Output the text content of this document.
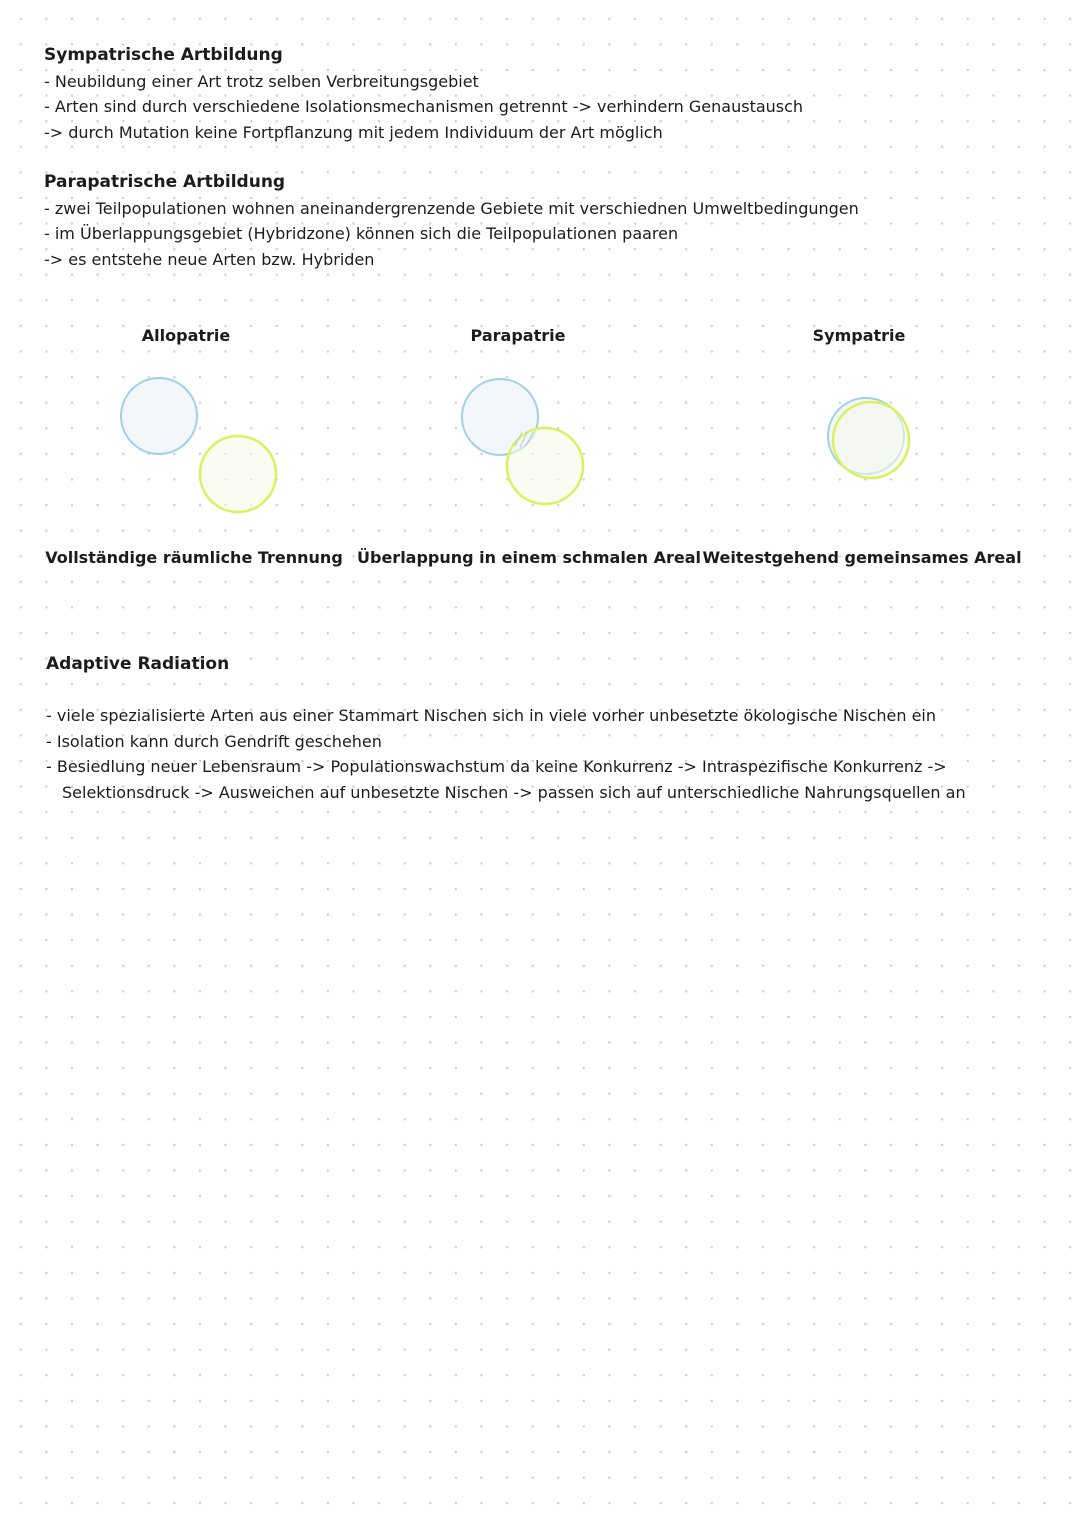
Sympatrische Artbildung

- Neubildung einer Art trotz selben Verbreitungsgebiet

- Arten sind durch verschiedene Isolationsmechanismen getrennt -> verhindern Genaustausch

-> durch Mutation keine Fortpflanzung mit jedem Individuum der Art möglich

Parapatrische Artbildung

- zwei Teilpopulationen wohnen aneinandergrenzende Gebiete mit verschiednen Umweltbedingungen

- im Überlappungsgebiet (Hybridzone) können sich die Teilpopulationen paaren

-> es entstehe neue Arten bzw. Hybriden

Allopatrie	Parapatrie	Sympatrie
Vollständige räumliche Trennung Überlappung in einem schmalen Areal Weitestgehend gemeinsames Areal

Adaptive Radiation

- viele spezialisierte Arten aus einer Stammart Nischen sich in viele vorher unbesetzte ökologische Nischen ein

- Isolation kann durch Gendrift geschehen

- Besiedlung neuer Lebensraum -> Populationswachstum da keine Konkurrenz -> Intraspezifische Konkurrenz ->

Selektionsdruck -> Ausweichen auf unbesetzte Nischen -> passen sich auf unterschiedliche Nahrungsquellen an
